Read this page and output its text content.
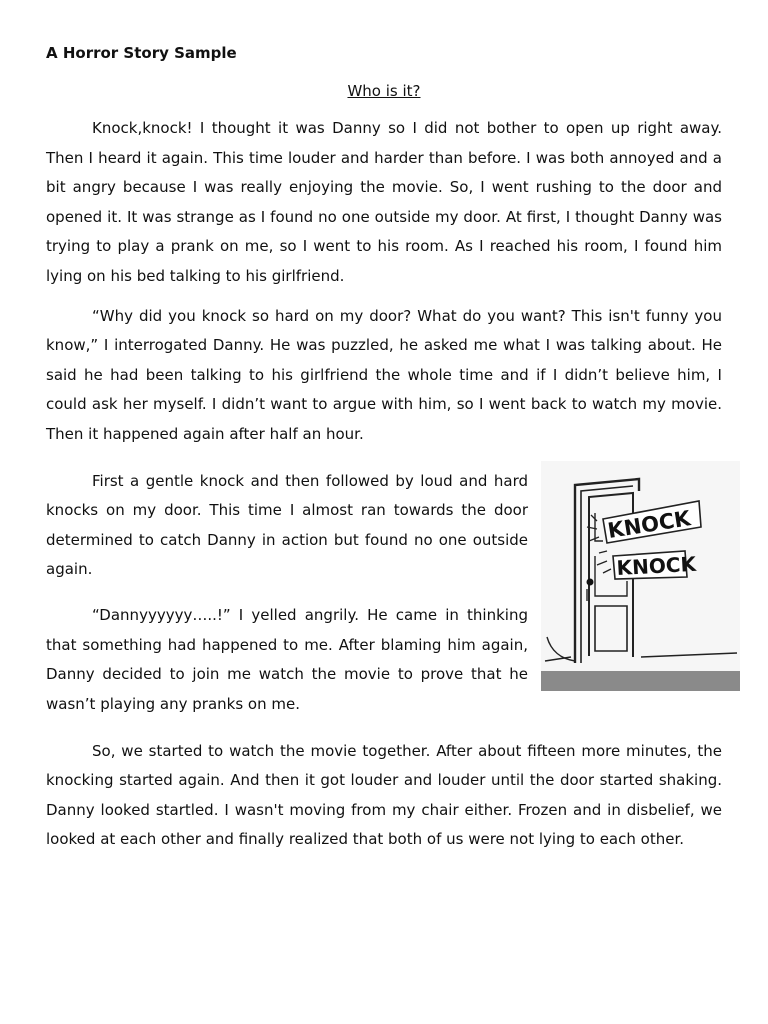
A Horror Story Sample
Who is it?

Knock,knock! I thought it was Danny so I did not bother to open up right away. Then I heard it again. This time louder and harder than before. I was both annoyed and a bit angry because I was really enjoying the movie. So, I went rushing to the door and opened it. It was strange as I found no one outside my door. At first, I thought Danny was trying to play a prank on me, so I went to his room. As I reached his room, I found him lying on his bed talking to his girlfriend.

“Why did you knock so hard on my door? What do you want? This isn't funny you know,” I interrogated Danny. He was puzzled, he asked me what I was talking about. He said he had been talking to his girlfriend the whole time and if I didn’t believe him, I could ask her myself. I didn’t want to argue with him, so I went back to watch my movie. Then it happened again after half an hour.

First a gentle knock and then followed by loud and hard knocks on my door. This time I almost ran towards the door determined to catch Danny in action but found no one outside again.

“Dannyyyyyy…..!” I yelled angrily. He came in thinking that something had happened to me. After blaming him again, Danny decided to join me watch the movie to prove that he wasn’t playing any pranks on me.

KNOCK
KNOCK

So, we started to watch the movie together. After about fifteen more minutes, the knocking started again. And then it got louder and louder until the door started shaking. Danny looked startled. I wasn't moving from my chair either. Frozen and in disbelief, we looked at each other and finally realized that both of us were not lying to each other.
